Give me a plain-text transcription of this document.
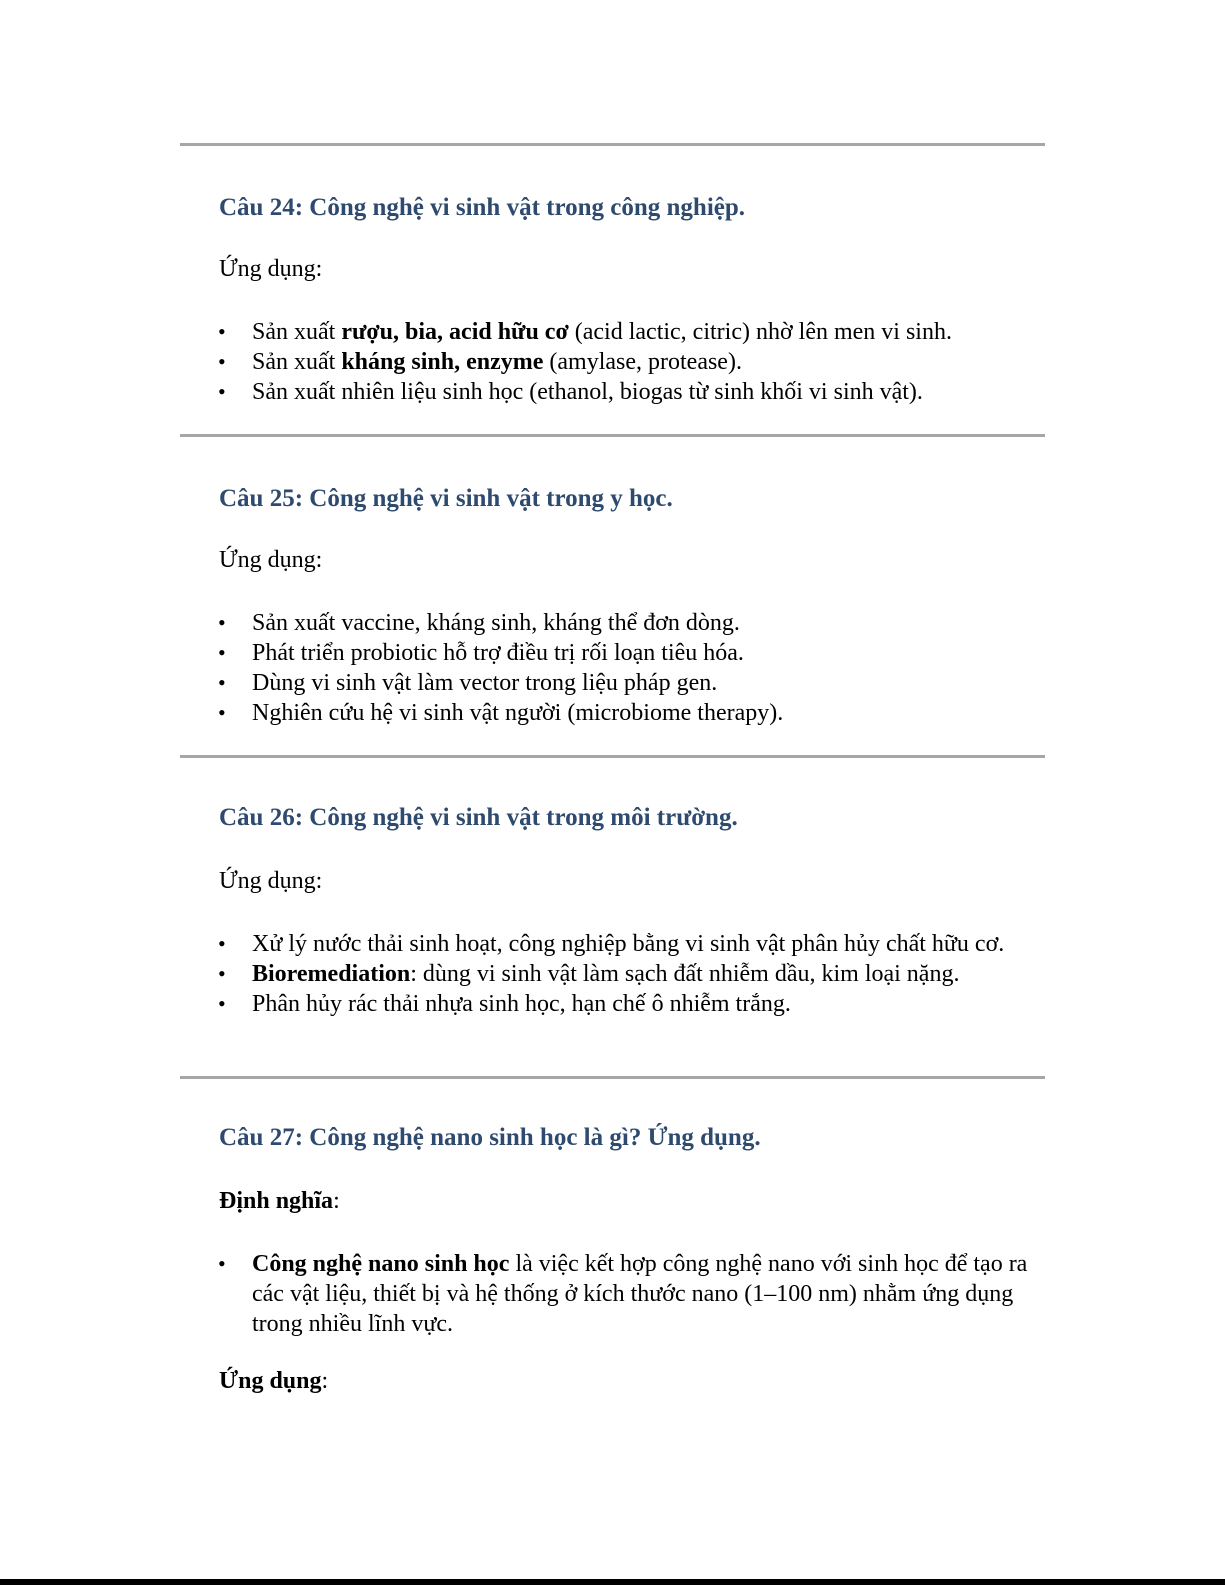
Câu 24: Công nghệ vi sinh vật trong công nghiệp.

Ứng dụng:

• Sản xuất rượu, bia, acid hữu cơ (acid lactic, citric) nhờ lên men vi sinh.
• Sản xuất kháng sinh, enzyme (amylase, protease).
• Sản xuất nhiên liệu sinh học (ethanol, biogas từ sinh khối vi sinh vật).
Câu 25: Công nghệ vi sinh vật trong y học.

Ứng dụng:

• Sản xuất vaccine, kháng sinh, kháng thể đơn dòng.
• Phát triển probiotic hỗ trợ điều trị rối loạn tiêu hóa.
• Dùng vi sinh vật làm vector trong liệu pháp gen.
• Nghiên cứu hệ vi sinh vật người (microbiome therapy).
Câu 26: Công nghệ vi sinh vật trong môi trường.

Ứng dụng:

• Xử lý nước thải sinh hoạt, công nghiệp bằng vi sinh vật phân hủy chất hữu cơ.
• Bioremediation: dùng vi sinh vật làm sạch đất nhiễm dầu, kim loại nặng.
• Phân hủy rác thải nhựa sinh học, hạn chế ô nhiễm trắng.
Câu 27: Công nghệ nano sinh học là gì? Ứng dụng.

Định nghĩa:

• Công nghệ nano sinh học là việc kết hợp công nghệ nano với sinh học để tạo ra các vật liệu, thiết bị và hệ thống ở kích thước nano (1–100 nm) nhằm ứng dụng trong nhiều lĩnh vực.

Ứng dụng:
